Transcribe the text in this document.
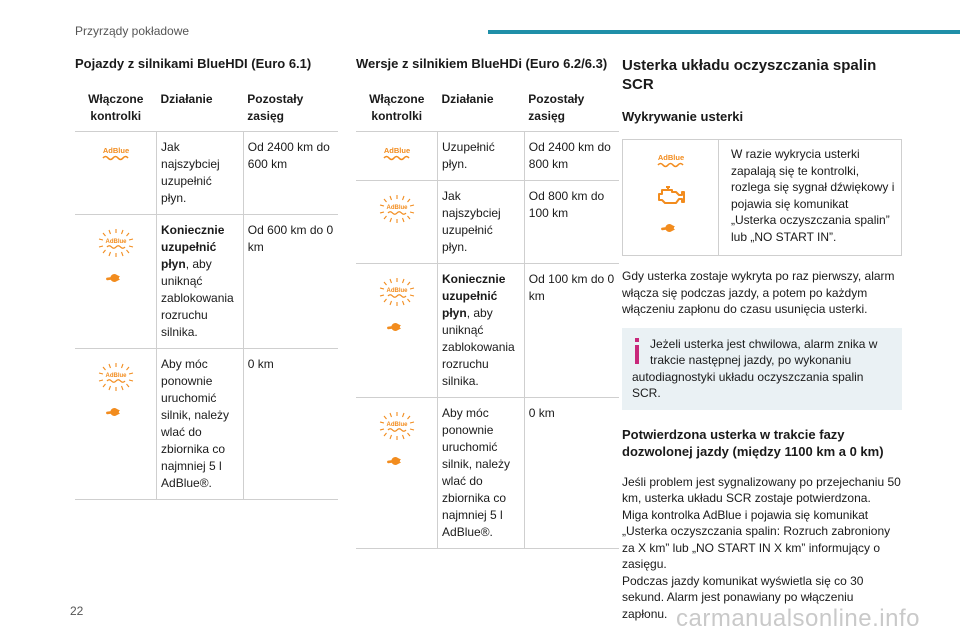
Przyrządy pokładowe
Pojazdy z silnikami BlueHDI (Euro 6.1)
Włączone kontrolki	Działanie	Pozostały zasięg

	Jak najszybciej uzupełnić płyn.	Od 2400 km do 600 km

	Koniecznie uzupełnić płyn, aby uniknąć zablokowania rozruchu silnika.	Od 600 km do 0 km

	Aby móc ponownie uruchomić silnik, należy wlać do zbiornika co najmniej 5 l AdBlue®.	0 km
Wersje z silnikiem BlueHDi (Euro 6.2/6.3)
Włączone kontrolki	Działanie	Pozostały zasięg

	Uzupełnić płyn.	Od 2400 km do 800 km

	Jak najszybciej uzupełnić płyn.	Od 800 km do 100 km

	Koniecznie uzupełnić płyn, aby uniknąć zablokowania rozruchu silnika.	Od 100 km do 0 km

	Aby móc ponownie uruchomić silnik, należy wlać do zbiornika co najmniej 5 l AdBlue®.	0 km
Usterka układu oczyszczania spalin SCR
Wykrywanie usterki
W razie wykrycia usterki zapalają się te kontrolki, rozlega się sygnał dźwiękowy i pojawia się komunikat „Usterka oczyszczania spalin” lub „NO START IN”.
Gdy usterka zostaje wykryta po raz pierwszy, alarm włącza się podczas jazdy, a potem po każdym włączeniu zapłonu do czasu usunięcia usterki.
Jeżeli usterka jest chwilowa, alarm znika w trakcie następnej jazdy, po wykonaniu autodiagnostyki układu oczyszczania spalin SCR.
Potwierdzona usterka w trakcie fazy dozwolonej jazdy (między 1100 km a 0 km)
Jeśli problem jest sygnalizowany po przejechaniu 50 km, usterka układu SCR zostaje potwierdzona.
Miga kontrolka AdBlue i pojawia się komunikat „Usterka oczyszczania spalin: Rozruch zabroniony za X km” lub „NO START IN X km” informujący o zasięgu.
Podczas jazdy komunikat wyświetla się co 30 sekund. Alarm jest ponawiany po włączeniu zapłonu.
22	carmanualsonline.info
